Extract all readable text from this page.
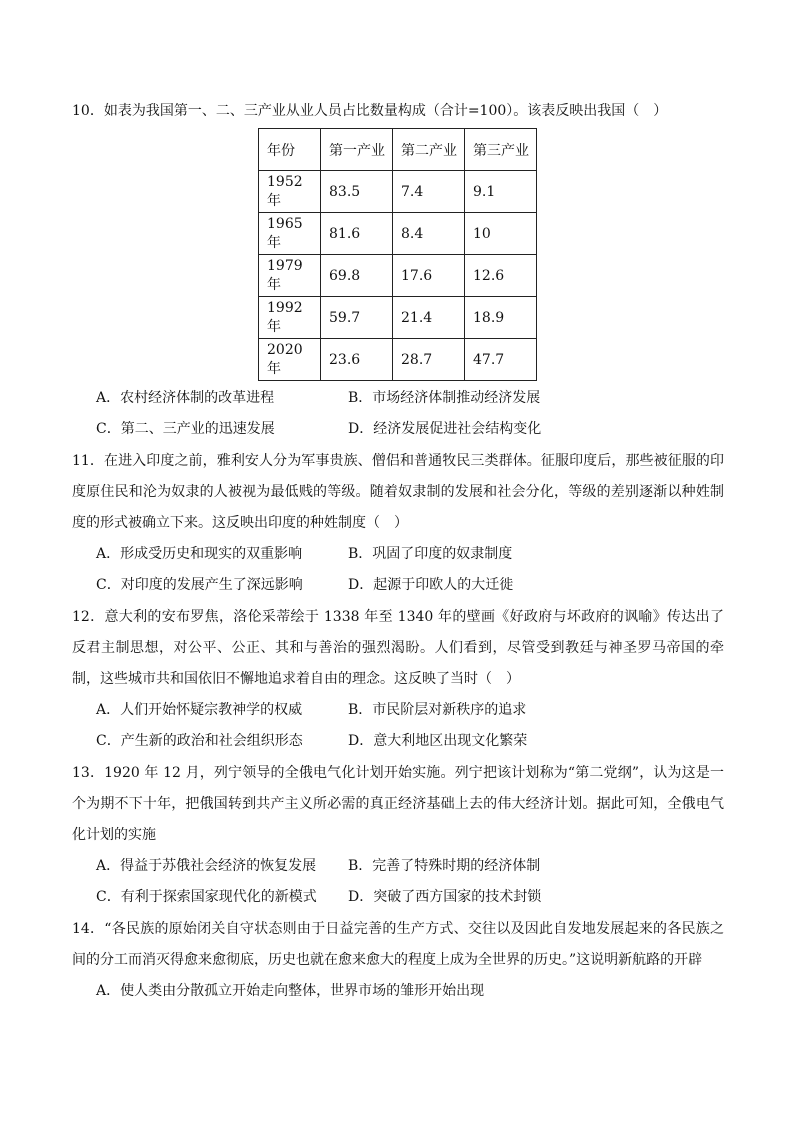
10．如表为我国第一、二、三产业从业人员占比数量构成（合计=100）。该表反映出我国（　）
年份	第一产业	第二产业	第三产业
1952 年	83.5	7.4	9.1
1965 年	81.6	8.4	10
1979 年	69.8	17.6	12.6
1992 年	59.7	21.4	18.9
2020 年	23.6	28.7	47.7
A．农村经济体制的改革进程	B．市场经济体制推动经济发展
C．第二、三产业的迅速发展	D．经济发展促进社会结构变化
11．在进入印度之前，雅利安人分为军事贵族、僧侣和普通牧民三类群体。征服印度后，那些被征服的印度原住民和沦为奴隶的人被视为最低贱的等级。随着奴隶制的发展和社会分化，等级的差别逐渐以种姓制度的形式被确立下来。这反映出印度的种姓制度（　）
A．形成受历史和现实的双重影响	B．巩固了印度的奴隶制度
C．对印度的发展产生了深远影响	D．起源于印欧人的大迁徙
12．意大利的安布罗焦，洛伦采蒂绘于 1338 年至 1340 年的壁画《好政府与坏政府的讽喻》传达出了反君主制思想，对公平、公正、其和与善治的强烈渴盼。人们看到，尽管受到教廷与神圣罗马帝国的牵制，这些城市共和国依旧不懈地追求着自由的理念。这反映了当时（　）
A．人们开始怀疑宗教神学的权威	B．市民阶层对新秩序的追求
C．产生新的政治和社会组织形态	D．意大利地区出现文化繁荣
13．1920 年 12 月，列宁领导的全俄电气化计划开始实施。列宁把该计划称为“第二党纲”，认为这是一个为期不下十年，把俄国转到共产主义所必需的真正经济基础上去的伟大经济计划。据此可知，全俄电气化计划的实施
A．得益于苏俄社会经济的恢复发展 B．完善了特殊时期的经济体制
C．有利于探索国家现代化的新模式 D．突破了西方国家的技术封锁
14．“各民族的原始闭关自守状态则由于日益完善的生产方式、交往以及因此自发地发展起来的各民族之间的分工而消灭得愈来愈彻底，历史也就在愈来愈大的程度上成为全世界的历史。”这说明新航路的开辟
A．使人类由分散孤立开始走向整体，世界市场的雏形开始出现
